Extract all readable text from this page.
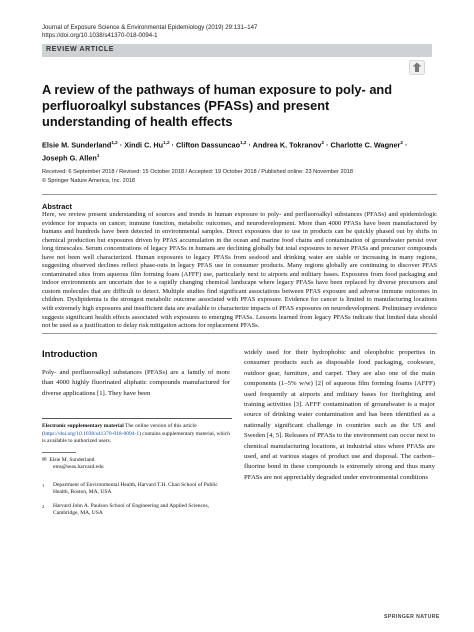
Journal of Exposure Science & Environmental Epidemiology (2019) 29:131–147
https://doi.org/10.1038/s41370-018-0094-1
REVIEW ARTICLE
A review of the pathways of human exposure to poly- and perfluoroalkyl substances (PFASs) and present understanding of health effects
Elsie M. Sunderland$^{1,2}$ · Xindi C. Hu$^{1,2}$ · Clifton Dassuncao$^{1,2}$ · Andrea K. Tokranov$^2$ · Charlotte C. Wagner$^2$ ·
Joseph G. Allen$^1$
Received: 6 September 2018 / Revised: 15 October 2018 / Accepted: 19 October 2018 / Published online: 23 November 2018
© Springer Nature America, Inc. 2018
Abstract
Here, we review present understanding of sources and trends in human exposure to poly- and perfluoroalkyl substances (PFASs) and epidemiologic evidence for impacts on cancer, immune function, metabolic outcomes, and neurodevelopment. More than 4000 PFASs have been manufactured by humans and hundreds have been detected in environmental samples. Direct exposures due to use in products can be quickly phased out by shifts in chemical production but exposures driven by PFAS accumulation in the ocean and marine food chains and contamination of groundwater persist over long timescales. Serum concentrations of legacy PFASs in humans are declining globally but total exposures to newer PFASs and precursor compounds have not been well characterized. Human exposures to legacy PFASs from seafood and drinking water are stable or increasing in many regions, suggesting observed declines reflect phase-outs in legacy PFAS use in consumer products. Many regions globally are continuing to discover PFAS contaminated sites from aqueous film forming foam (AFFF) use, particularly next to airports and military bases. Exposures from food packaging and indoor environments are uncertain due to a rapidly changing chemical landscape where legacy PFASs have been replaced by diverse precursors and custom molecules that are difficult to detect. Multiple studies find significant associations between PFAS exposure and adverse immune outcomes in children. Dyslipidemia is the strongest metabolic outcome associated with PFAS exposure. Evidence for cancer is limited to manufacturing locations with extremely high exposures and insufficient data are available to characterize impacts of PFAS exposures on neurodevelopment. Preliminary evidence suggests significant health effects associated with exposures to emerging PFASs. Lessons learned from legacy PFASs indicate that limited data should not be used as a justification to delay risk mitigation actions for replacement PFASs.
Introduction
Poly- and perfluoroalkyl substances (PFASs) are a family of more than 4000 highly fluorinated aliphatic compounds manufactured for diverse applications [1]. They have been
Electronic supplementary material The online version of this article (https://doi.org/10.1038/s41370-018-0094-1) contains supplementary material, which is available to authorized users.
✉ Elsie M. Sunderland
ems@seas.harvard.edu
1 Department of Environmental Health, Harvard T.H. Chan School of Public Health, Boston, MA, USA
2 Harvard John A. Paulson School of Engineering and Applied Sciences, Cambridge, MA, USA
widely used for their hydrophobic and oleophobic properties in consumer products such as disposable food packaging, cookware, outdoor gear, furniture, and carpet. They are also one of the main components (1–5% w/w) [2] of aqueous film forming foams (AFFF) used frequently at airports and military bases for firefighting and training activities [3]. AFFF contamination of groundwater is a major source of drinking water contamination and has been identified as a nationally significant challenge in countries such as the US and Sweden [4, 5]. Releases of PFASs to the environment can occur next to chemical manufacturing locations, at industrial sites where PFASs are used, and at various stages of product use and disposal. The carbon–fluorine bond in these compounds is extremely strong and thus many PFASs are not appreciably degraded under environmental conditions
SPRINGER NATURE
